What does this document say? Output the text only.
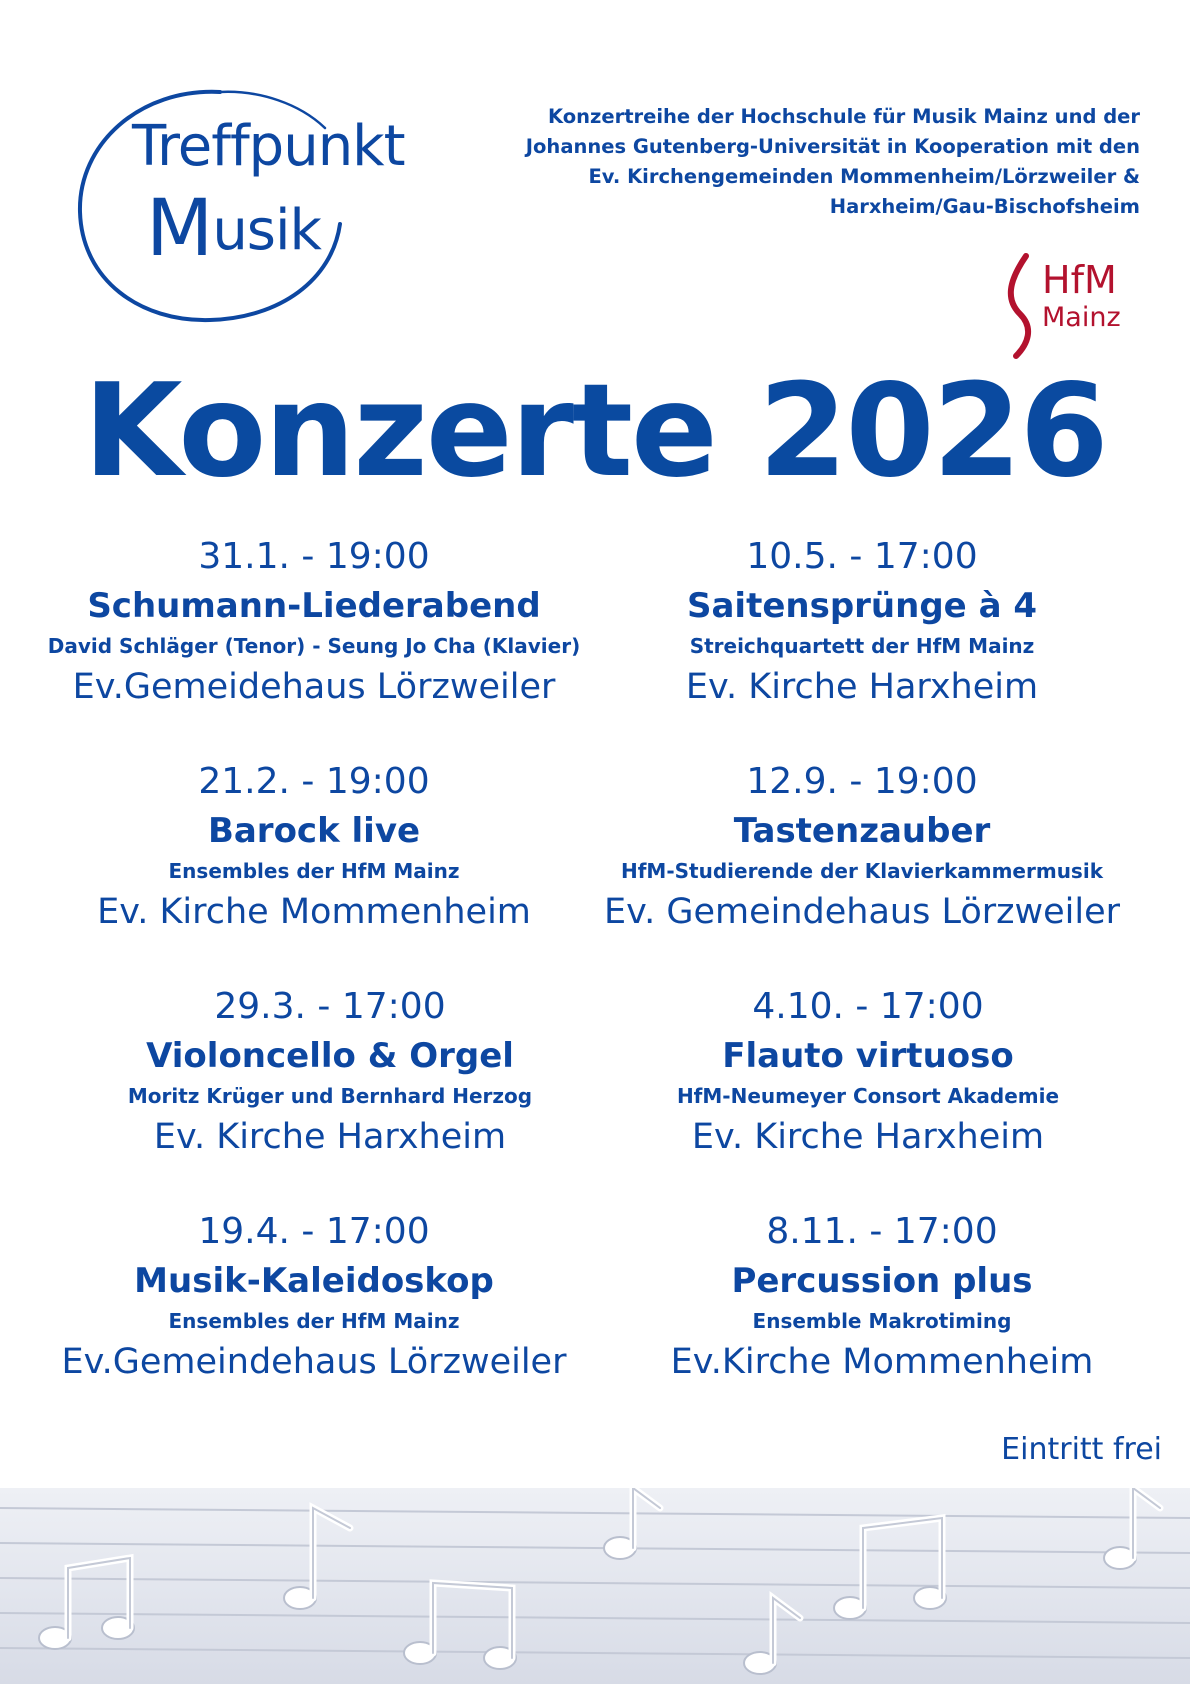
Treffpunkt
Musik
Konzertreihe der Hochschule für Musik Mainz und der
Johannes Gutenberg-Universität in Kooperation mit den
Ev. Kirchengemeinden Mommenheim/Lörzweiler &
Harxheim/Gau-Bischofsheim
HfM
Mainz
Konzerte 2026
31.1. - 19:00
Schumann-Liederabend
David Schläger (Tenor) - Seung Jo Cha (Klavier)
Ev.Gemeidehaus Lörzweiler
10.5. - 17:00
Saitensprünge à 4
Streichquartett der HfM Mainz
Ev. Kirche Harxheim
21.2. - 19:00
Barock live
Ensembles der HfM Mainz
Ev. Kirche Mommenheim
12.9. - 19:00
Tastenzauber
HfM-Studierende der Klavierkammermusik
Ev. Gemeindehaus Lörzweiler
29.3. - 17:00
Violoncello & Orgel
Moritz Krüger und Bernhard Herzog
Ev. Kirche Harxheim
4.10. - 17:00
Flauto virtuoso
HfM-Neumeyer Consort Akademie
Ev. Kirche Harxheim
19.4. - 17:00
Musik-Kaleidoskop
Ensembles der HfM Mainz
Ev.Gemeindehaus Lörzweiler
8.11. - 17:00
Percussion plus
Ensemble Makrotiming
Ev.Kirche Mommenheim
Eintritt frei
